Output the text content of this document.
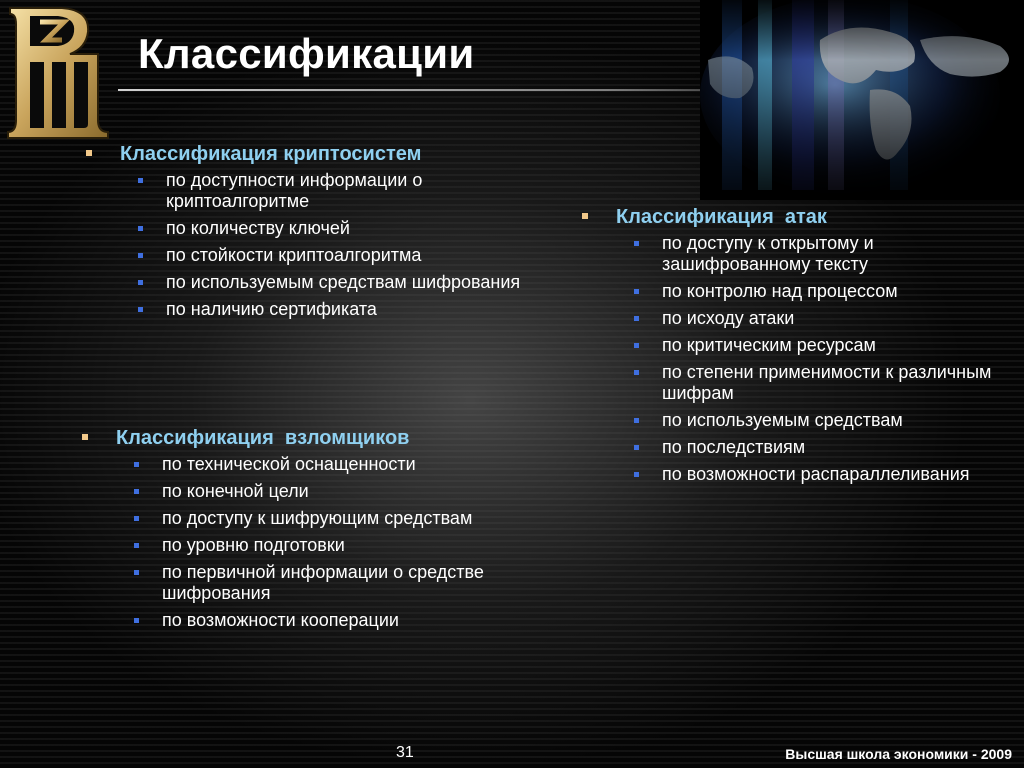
Классификации
Классификация криптосистем
по доступности информации о криптоалгоритме
по количеству ключей
по стойкости криптоалгоритма
по используемым средствам шифрования
по наличию сертификата
Классификация  взломщиков
по технической оснащенности
по конечной цели
по доступу к шифрующим средствам
по уровню подготовки
по первичной информации о средстве шифрования
по возможности кооперации
Классификация  атак
по доступу к открытому и зашифрованному тексту
по контролю над процессом
по исходу атаки
по критическим ресурсам
по степени применимости к различным шифрам
по используемым средствам
по последствиям
по возможности распараллеливания
31	Высшая школа экономики - 2009
